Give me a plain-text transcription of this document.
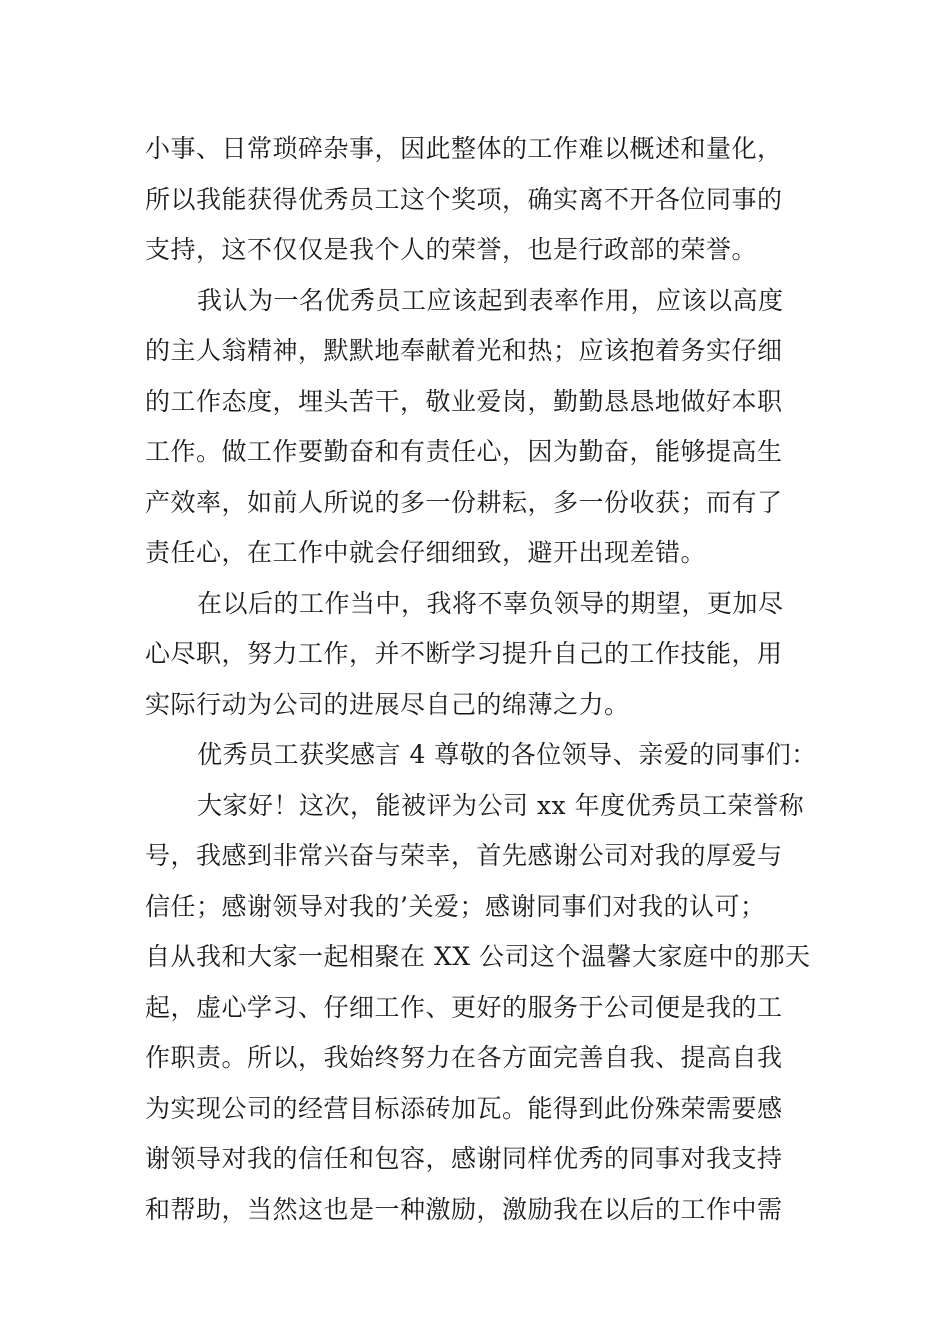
小事、日常琐碎杂事，因此整体的工作难以概述和量化，
所以我能获得优秀员工这个奖项，确实离不开各位同事的
支持，这不仅仅是我个人的荣誉，也是行政部的荣誉。
我认为一名优秀员工应该起到表率作用，应该以高度
的主人翁精神，默默地奉献着光和热；应该抱着务实仔细
的工作态度，埋头苦干，敬业爱岗，勤勤恳恳地做好本职
工作。做工作要勤奋和有责任心，因为勤奋，能够提高生
产效率，如前人所说的多一份耕耘，多一份收获；而有了
责任心，在工作中就会仔细细致，避开出现差错。
在以后的工作当中，我将不辜负领导的期望，更加尽
心尽职，努力工作，并不断学习提升自己的工作技能，用
实际行动为公司的进展尽自己的绵薄之力。
优秀员工获奖感言 4 尊敬的各位领导、亲爱的同事们：
大家好！这次，能被评为公司 xx 年度优秀员工荣誉称
号，我感到非常兴奋与荣幸，首先感谢公司对我的厚爱与
信任；感谢领导对我的’关爱；感谢同事们对我的认可；
自从我和大家一起相聚在 XX 公司这个温馨大家庭中的那天
起，虚心学习、仔细工作、更好的服务于公司便是我的工
作职责。所以，我始终努力在各方面完善自我、提高自我
为实现公司的经营目标添砖加瓦。能得到此份殊荣需要感
谢领导对我的信任和包容，感谢同样优秀的同事对我支持
和帮助，当然这也是一种激励，激励我在以后的工作中需
